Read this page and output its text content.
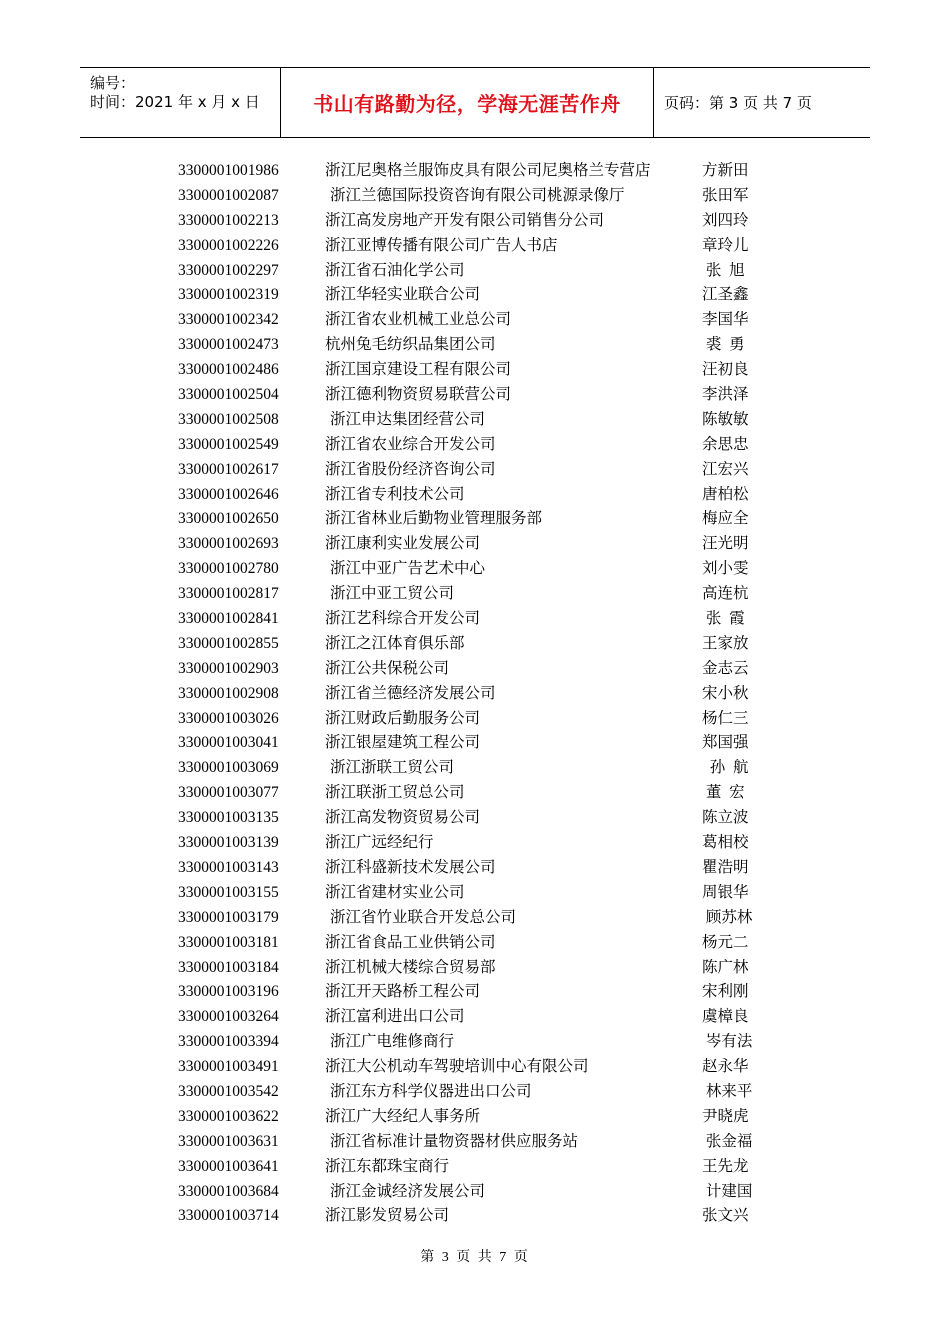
编号：
时间：2021 年 x 月 x 日	书山有路勤为径，学海无涯苦作舟	页码：第 3 页 共 7 页
3300001001986	浙江尼奥格兰服饰皮具有限公司尼奥格兰专营店	方新田
3300001002087	浙江兰德国际投资咨询有限公司桃源录像厅	张田军
3300001002213	浙江高发房地产开发有限公司销售分公司	刘四玲
3300001002226	浙江亚博传播有限公司广告人书店	章玲儿
3300001002297	浙江省石油化学公司	张  旭
3300001002319	浙江华轻实业联合公司	江圣鑫
3300001002342	浙江省农业机械工业总公司	李国华
3300001002473	杭州兔毛纺织品集团公司	裘  勇
3300001002486	浙江国京建设工程有限公司	汪初良
3300001002504	浙江德利物资贸易联营公司	李洪泽
3300001002508	浙江申达集团经营公司	陈敏敏
3300001002549	浙江省农业综合开发公司	余思忠
3300001002617	浙江省股份经济咨询公司	江宏兴
3300001002646	浙江省专利技术公司	唐柏松
3300001002650	浙江省林业后勤物业管理服务部	梅应全
3300001002693	浙江康利实业发展公司	汪光明
3300001002780	浙江中亚广告艺术中心	刘小雯
3300001002817	浙江中亚工贸公司	高连杭
3300001002841	浙江艺科综合开发公司	张  霞
3300001002855	浙江之江体育俱乐部	王家放
3300001002903	浙江公共保税公司	金志云
3300001002908	浙江省兰德经济发展公司	宋小秋
3300001003026	浙江财政后勤服务公司	杨仁三
3300001003041	浙江银屋建筑工程公司	郑国强
3300001003069	浙江浙联工贸公司	孙  航
3300001003077	浙江联浙工贸总公司	董  宏
3300001003135	浙江高发物资贸易公司	陈立波
3300001003139	浙江广远经纪行	葛相校
3300001003143	浙江科盛新技术发展公司	瞿浩明
3300001003155	浙江省建材实业公司	周银华
3300001003179	浙江省竹业联合开发总公司	顾苏林
3300001003181	浙江省食品工业供销公司	杨元二
3300001003184	浙江机械大楼综合贸易部	陈广林
3300001003196	浙江开天路桥工程公司	宋利刚
3300001003264	浙江富利进出口公司	虞樟良
3300001003394	浙江广电维修商行	岑有法
3300001003491	浙江大公机动车驾驶培训中心有限公司	赵永华
3300001003542	浙江东方科学仪器进出口公司	林来平
3300001003622	浙江广大经纪人事务所	尹晓虎
3300001003631	浙江省标准计量物资器材供应服务站	张金福
3300001003641	浙江东都珠宝商行	王先龙
3300001003684	浙江金诚经济发展公司	计建国
3300001003714	浙江影发贸易公司	张文兴
第 3 页 共 7 页
